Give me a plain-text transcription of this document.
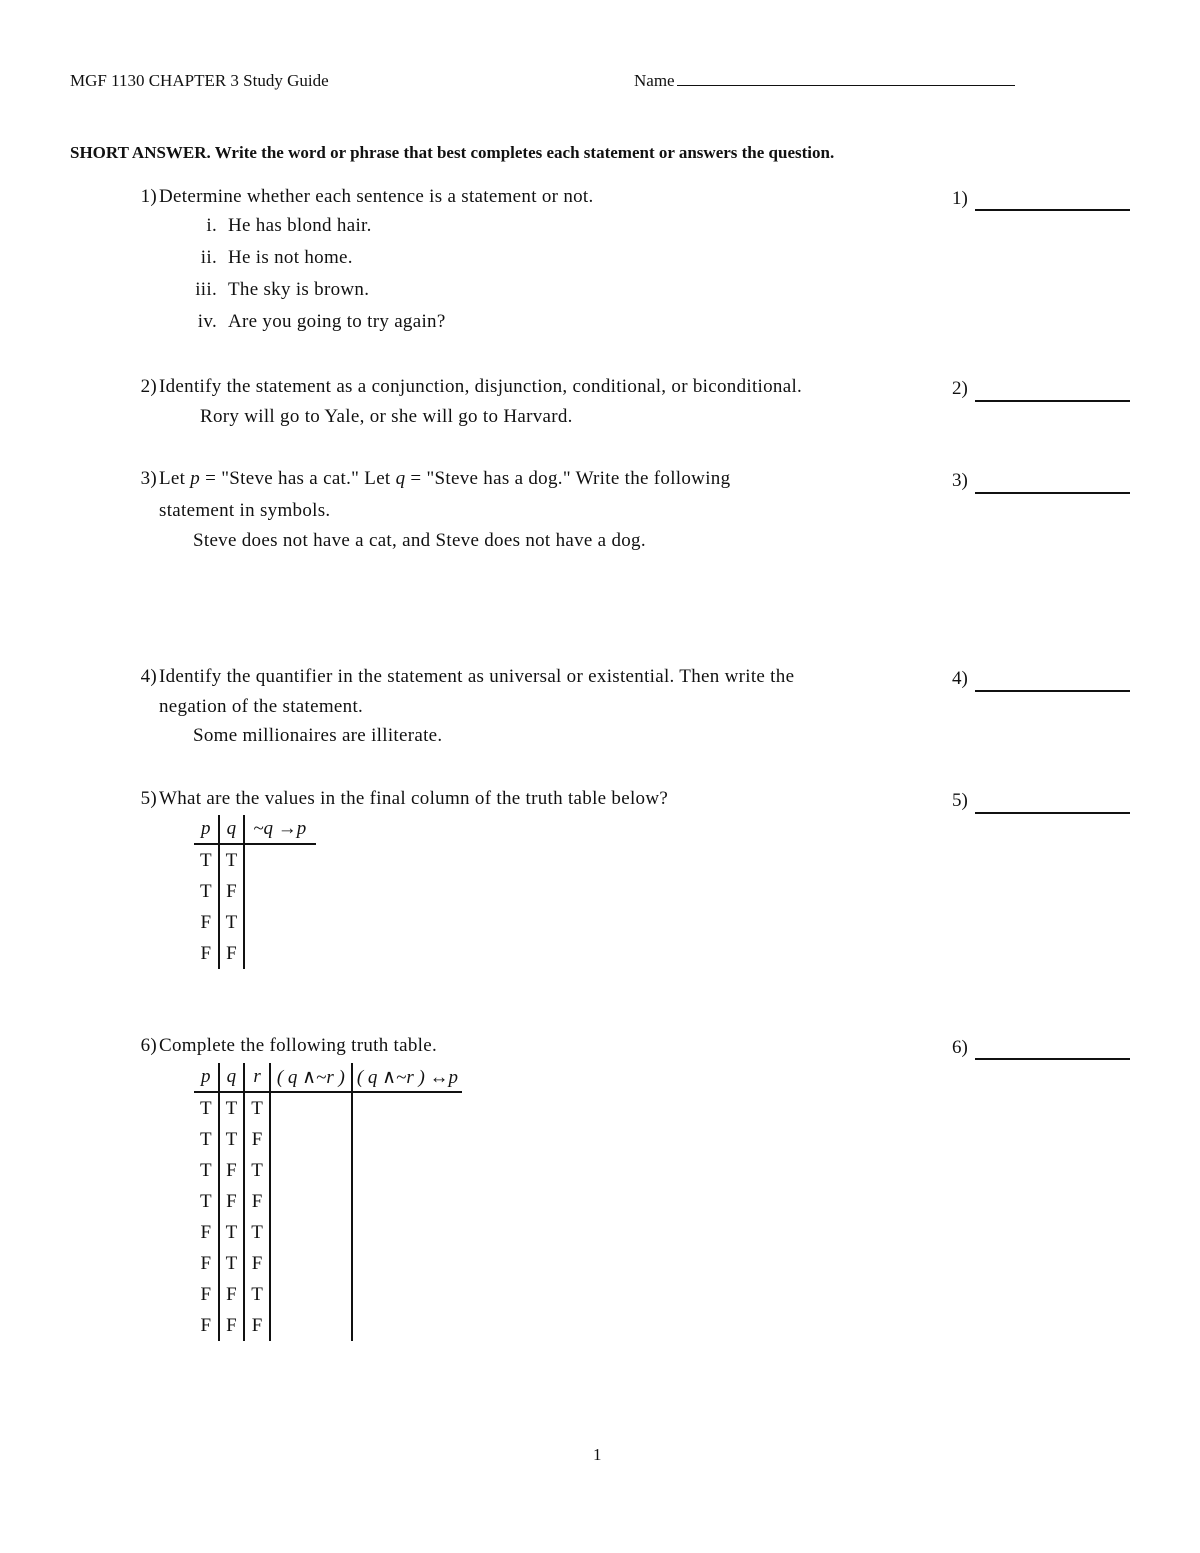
MGF 1130 CHAPTER 3 Study Guide	Name
SHORT ANSWER. Write the word or phrase that best completes each statement or answers the question.
1) Determine whether each sentence is a statement or not.
i. He has blond hair.
ii. He is not home.
iii. The sky is brown.
iv. Are you going to try again?
1)
2) Identify the statement as a conjunction, disjunction, conditional, or biconditional.
Rory will go to Yale, or she will go to Harvard.
2)
3) Let p = "Steve has a cat." Let q = "Steve has a dog." Write the following
statement in symbols.
Steve does not have a cat, and Steve does not have a dog.
3)
4) Identify the quantifier in the statement as universal or existential. Then write the
negation of the statement.
Some millionaires are illiterate.
4)
5) What are the values in the final column of the truth table below?	5)
p	q	~q →p
T	T	
T	F	
F	T	
F	F	
6) Complete the following truth table.	6)
p	q	r	( q ∧~r )	( q ∧~r ) ↔p
T	T	T		
T	T	F		
T	F	T		
T	F	F		
F	T	T		
F	T	F		
F	F	T		
F	F	F		
1
